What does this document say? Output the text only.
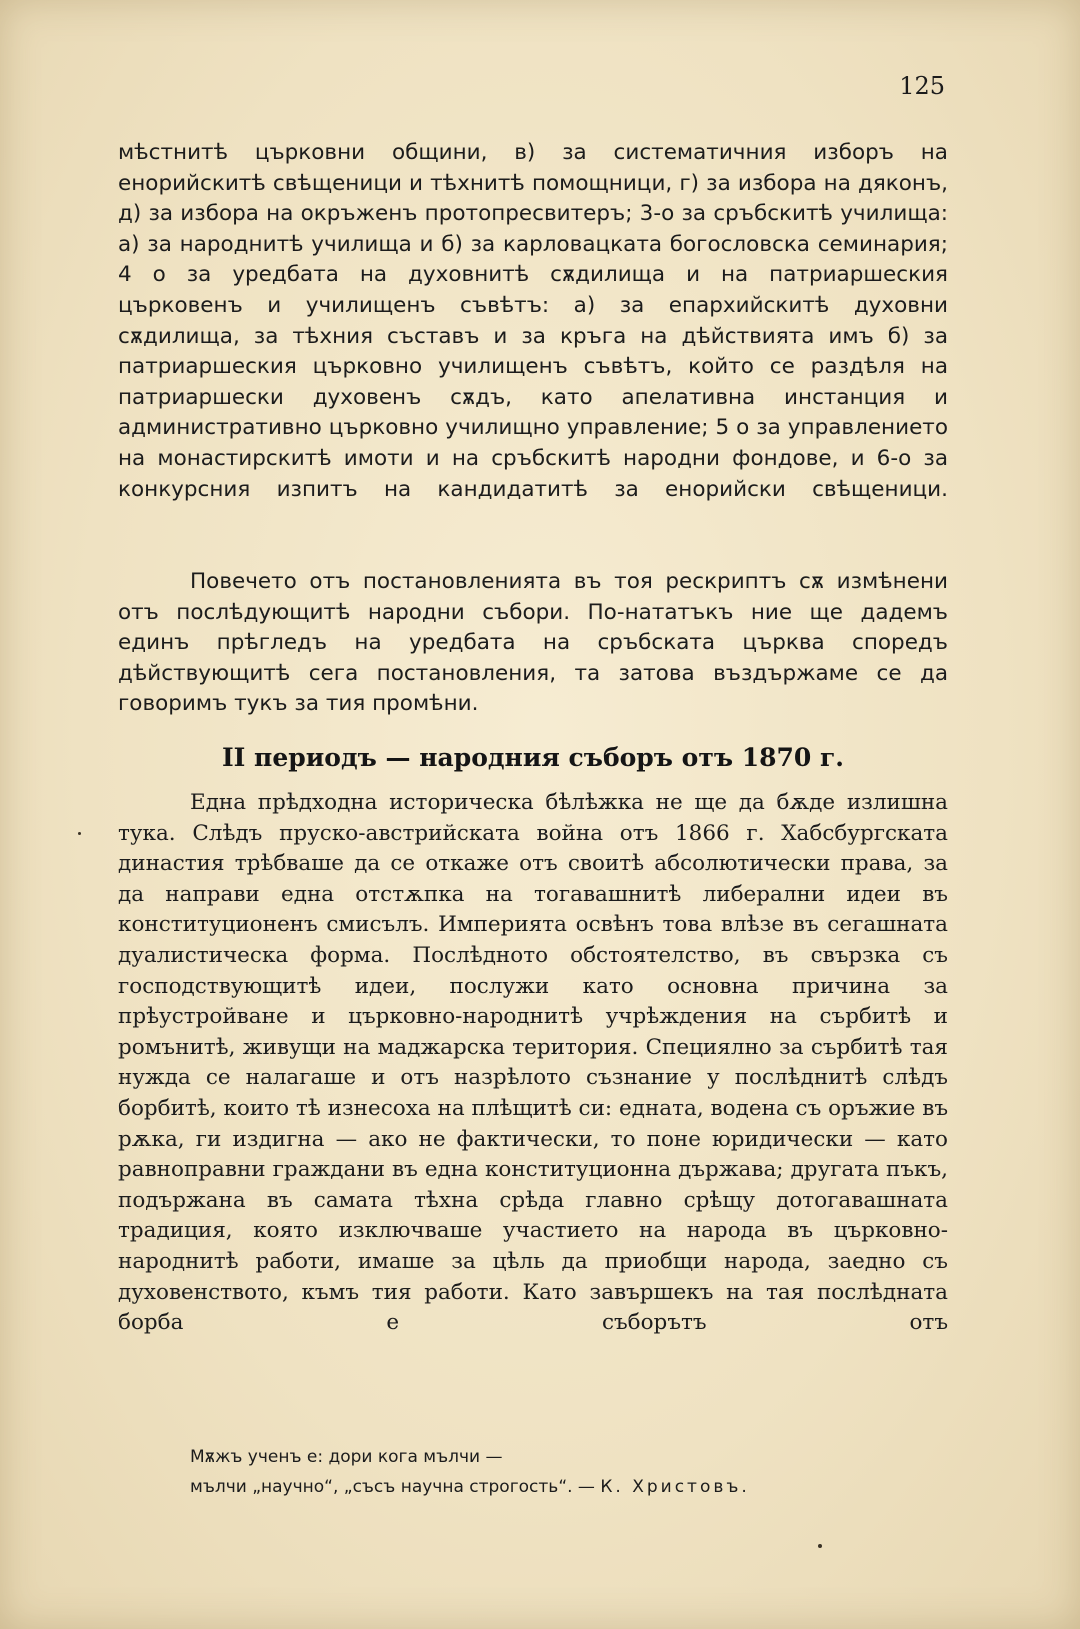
125

мѣстнитѣ църковни общини, в) за систематичния изборъ на енорийскитѣ свѣщеници и тѣхнитѣ помощници, г) за избора на дяконъ, д) за избора на окръженъ протопресвитеръ; 3-о за сръбскитѣ училища: а) за народнитѣ училища и б) за карловацката богословска семинария; 4 о за уредбата на духовнитѣ сѫдилища и на патриаршеския църковенъ и училищенъ съвѣтъ: а) за епархийскитѣ духовни сѫдилища, за тѣхния съставъ и за кръга на дѣйствията имъ б) за патриаршеския църковно училищенъ съвѣтъ, който се раздѣля на патриаршески духовенъ сѫдъ, като апелативна инстанция и административно църковно училищно управление; 5 о за управлението на монастирскитѣ имоти и на сръбскитѣ народни фондове, и 6-о за конкурсния изпитъ на кандидатитѣ за енорийски свѣщеници.

Повечето отъ постановленията въ тоя рескриптъ сѫ измѣнени отъ послѣдующитѣ народни събори. По-нататъкъ ние ще дадемъ единъ прѣгледъ на уредбата на сръбската църква споредъ дѣйствующитѣ сега постановления, та затова въздържаме се да говоримъ тукъ за тия промѣни.

II периодъ — народния съборъ отъ 1870 г.

Една прѣдходна историческа бѣлѣжка не ще да бѫде излишна тука. Слѣдъ пруско-австрийската война отъ 1866 г. Хабсбургската династия трѣбваше да се откаже отъ своитѣ абсолютически права, за да направи една отстѫпка на тогавашнитѣ либерални идеи въ конституционенъ смисълъ. Империята освѣнъ това влѣзе въ сегашната дуалистическа форма. Послѣдното обстоятелство, въ свързка съ господствующитѣ идеи, послужи като основна причина за прѣустройване и църковно-народнитѣ учрѣждения на сърбитѣ и ромънитѣ, живущи на маджарска територия. Специялно за сърбитѣ тая нужда се налагаше и отъ назрѣлото съзнание у послѣднитѣ слѣдъ борбитѣ, които тѣ изнесоха на плѣщитѣ си: едната, водена съ оръжие въ рѫка, ги издигна — ако не фактически, то поне юридически — като равноправни граждани въ една конституционна държава; другата пъкъ, подържана въ самата тѣхна срѣда главно срѣщу дотогавашната традиция, която изключваше участието на народа въ църковно-народнитѣ работи, имаше за цѣль да приобщи народа, заедно съ духовенството, къмъ тия работи. Като завършекъ на тая послѣдната борба е съборътъ отъ

Мѫжъ ученъ е: дори кога мълчи —
мълчи „научно“, „съсъ научна строгость“. — К. Христовъ.
